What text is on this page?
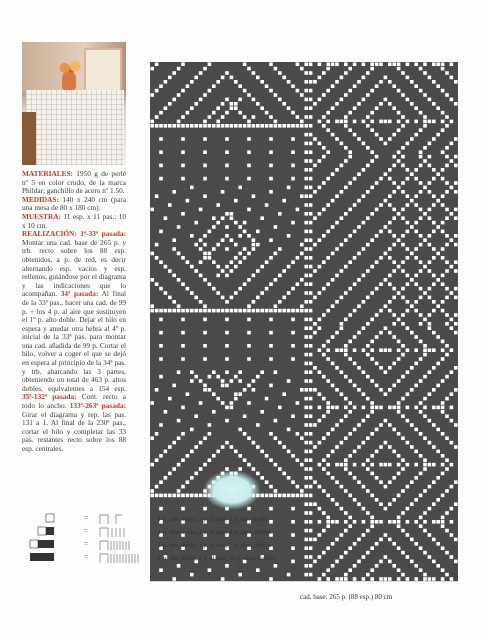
MATERIALES: 1950 g de perlé nº 5 en color crudo, de la marca Phildar; ganchillo de acero nº 1.50.

MEDIDAS: 140 x 240 cm (para una mesa de 80 x 180 cm).

MUESTRA: 11 esp. x 11 pas.: 10 x 10 cm.

REALIZACIÓN: 1ª-33ª pasada: Montar una cad. base de 265 p. y trb. recto sobre los 88 esp. obtenidos, a p. de red, es decir alternando esp. vacíos y esp. rellenos, guiándose por el diagrama y las indicaciones que lo acompañan. 34ª pasada: Al final de la 33ª pas., hacer una cad. de 99 p. + los 4 p. al aire que sustituyen el 1º p. alto doble. Dejar el hilo en espera y anudar otra hebra al 4º p. inicial de la 33ª pas. para montar una cad. añadida de 99 p. Cortar el hilo, volver a coger el que se dejó en espera al principio de la 34ª pas. y trb. abarcando las 3 partes, obteniendo un total de 463 p. altos dobles, equivalentes a 154 esp. 35ª-132ª pasada: Cont. recto a todo lo ancho. 133ª-263ª pasada: Girar el diagrama y rep. las pas. 131 a 1. Al final de la 230ª pas., cortar el hilo y completar las 33 pas. restantes recto sobre los 88 esp. centrales.

=	1 p. alto doble, 2 p. al aire, 1 p. alto doble
=	1 p. alto doble, 2 p. al aire, 4 p. altos dobles
=	1 p. alto doble, 2 p. al aire, 7 p. altos dobles
=	1 p. alto doble, 2 p. al aire, 10 p. altos dobles
cad. base: 265 p. (88 esp.) 80 cm
